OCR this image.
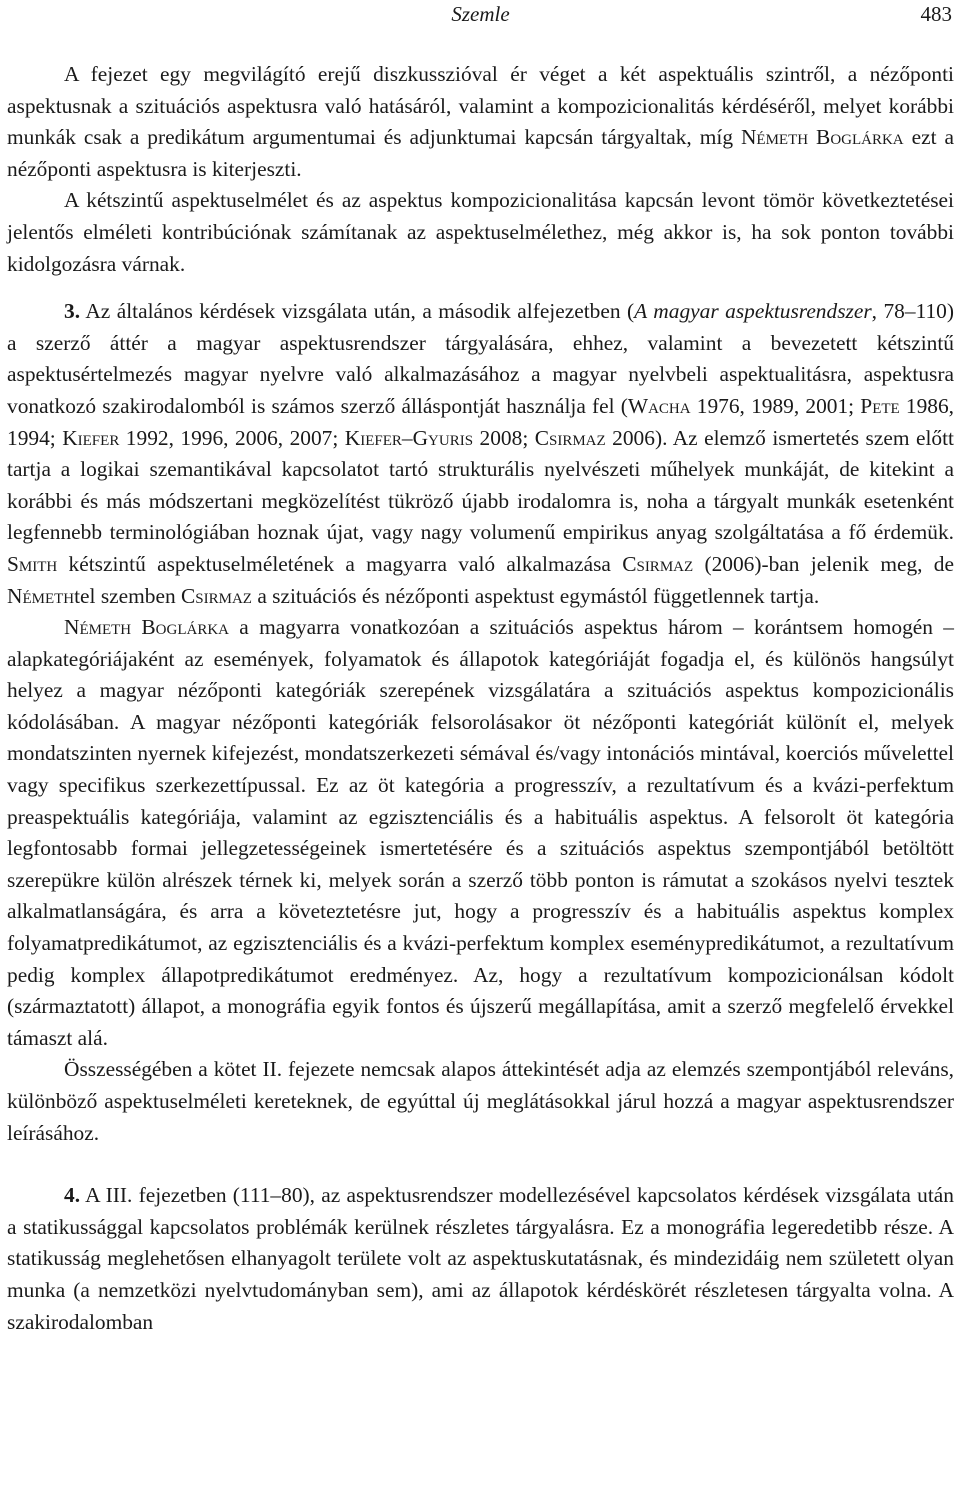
Szemle	483

A fejezet egy megvilágító erejű diszkusszióval ér véget a két aspektuális szintről, a nézőponti aspektusnak a szituációs aspektusra való hatásáról, valamint a kompozicionalitás kérdéséről, melyet korábbi munkák csak a predikátum argumentumai és adjunktumai kapcsán tárgyaltak, míg Németh Boglárka ezt a nézőponti aspektusra is kiterjeszti.

A kétszintű aspektuselmélet és az aspektus kompozicionalitása kapcsán levont tömör következtetései jelentős elméleti kontribúciónak számítanak az aspektuselmélethez, még akkor is, ha sok ponton további kidolgozásra várnak.

3. Az általános kérdések vizsgálata után, a második alfejezetben (A magyar aspektusrendszer, 78–110) a szerző áttér a magyar aspektusrendszer tárgyalására, ehhez, valamint a bevezetett kétszintű aspektusértelmezés magyar nyelvre való alkalmazásához a magyar nyelvbeli aspektualitásra, aspektusra vonatkozó szakirodalomból is számos szerző álláspontját használja fel (Wacha 1976, 1989, 2001; Pete 1986, 1994; Kiefer 1992, 1996, 2006, 2007; Kiefer–Gyuris 2008; Csirmaz 2006). Az elemző ismertetés szem előtt tartja a logikai szemantikával kapcsolatot tartó strukturális nyelvészeti műhelyek munkáját, de kitekint a korábbi és más módszertani megközelítést tükröző újabb irodalomra is, noha a tárgyalt munkák esetenként legfennebb terminológiában hoznak újat, vagy nagy volumenű empirikus anyag szolgáltatása a fő érdemük. Smith kétszintű aspektuselméletének a magyarra való alkalmazása Csirmaz (2006)-ban jelenik meg, de Némethtel szemben Csirmaz a szituációs és nézőponti aspektust egymástól függetlennek tartja.

Németh Boglárka a magyarra vonatkozóan a szituációs aspektus három – korántsem homogén – alapkategóriájaként az események, folyamatok és állapotok kategóriáját fogadja el, és különös hangsúlyt helyez a magyar nézőponti kategóriák szerepének vizsgálatára a szituációs aspektus kompozicionális kódolásában. A magyar nézőponti kategóriák felsorolásakor öt nézőponti kategóriát különít el, melyek mondatszinten nyernek kifejezést, mondatszerkezeti sémával és/vagy intonációs mintával, koerciós művelettel vagy specifikus szerkezettípussal. Ez az öt kategória a progresszív, a rezultatívum és a kvázi-perfektum preaspektuális kategóriája, valamint az egzisztenciális és a habituális aspektus. A felsorolt öt kategória legfontosabb formai jellegzetességeinek ismertetésére és a szituációs aspektus szempontjából betöltött szerepükre külön alrészek térnek ki, melyek során a szerző több ponton is rámutat a szokásos nyelvi tesztek alkalmatlanságára, és arra a követeztetésre jut, hogy a progresszív és a habituális aspektus komplex folyamatpredikátumot, az egzisztenciális és a kvázi-perfektum komplex eseménypredikátumot, a rezultatívum pedig komplex állapotpredikátumot eredményez. Az, hogy a rezultatívum kompozicionálsan kódolt (származtatott) állapot, a monográfia egyik fontos és újszerű megállapítása, amit a szerző megfelelő érvekkel támaszt alá.

Összességében a kötet II. fejezete nemcsak alapos áttekintését adja az elemzés szempontjából releváns, különböző aspektuselméleti kereteknek, de egyúttal új meglátásokkal járul hozzá a magyar aspektusrendszer leírásához.

4. A III. fejezetben (111–80), az aspektusrendszer modellezésével kapcsolatos kérdések vizsgálata után a statikussággal kapcsolatos problémák kerülnek részletes tárgyalásra. Ez a monográfia legeredetibb része. A statikusság meglehetősen elhanyagolt területe volt az aspektuskutatásnak, és mindezidáig nem született olyan munka (a nemzetközi nyelvtudományban sem), ami az állapotok kérdéskörét részletesen tárgyalta volna. A szakirodalomban
